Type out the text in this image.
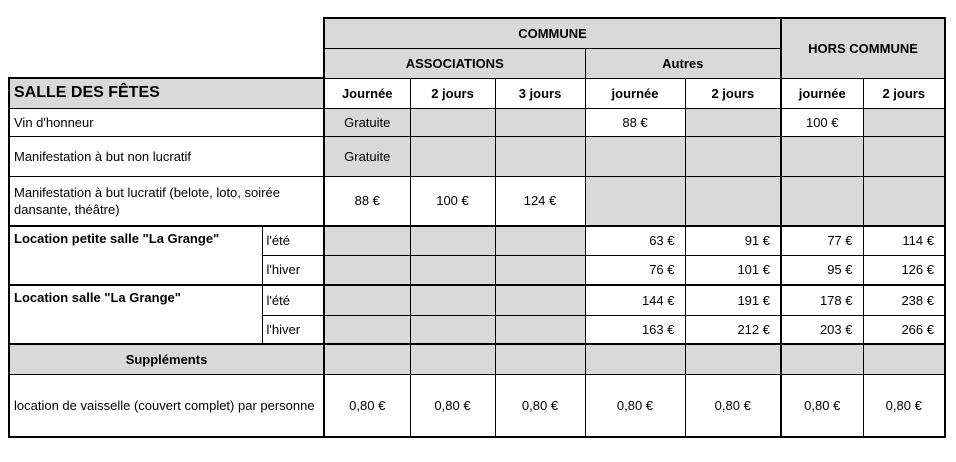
		COMMUNE					HORS COMMUNE	
		ASSOCIATIONS			Autres			
SALLE DES FÊTES		Journée	2 jours	3 jours	journée	2 jours	journée	2 jours
Vin d'honneur		Gratuite			88 €		100 €	
Manifestation à but non lucratif		Gratuite						
Manifestation à but lucratif (belote, loto, soirée dansante, théâtre)		88 €	100 €	124 €				
Location petite salle "La Grange"	l'été				63 €	91 €	77 €	114 €
	l'hiver				76 €	101 €	95 €	126 €
Location salle "La Grange"	l'été				144 €	191 €	178 €	238 €
	l'hiver				163 €	212 €	203 €	266 €
Suppléments								
location de vaisselle (couvert complet) par personne		0,80 €	0,80 €	0,80 €	0,80 €	0,80 €	0,80 €	0,80 €
